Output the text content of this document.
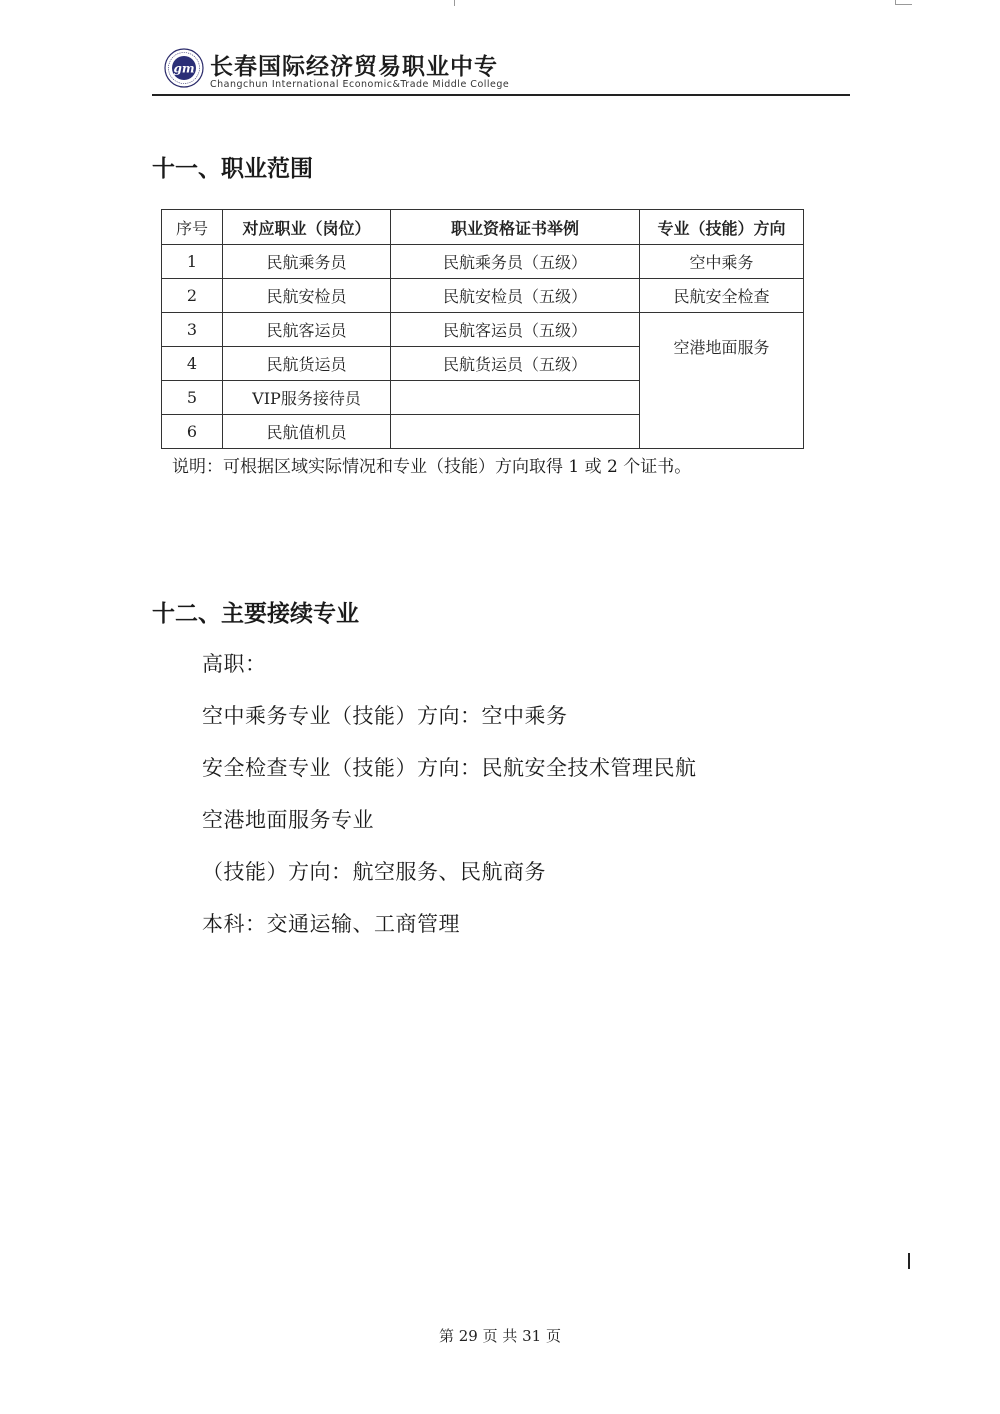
gm 长春国际经济贸易职业中专
Changchun International Economic&Trade Middle College
十一、职业范围
序号	对应职业（岗位）	职业资格证书举例	专业（技能）方向
1	民航乘务员	民航乘务员（五级）	空中乘务
2	民航安检员	民航安检员（五级）	民航安全检查
3	民航客运员	民航客运员（五级）	空港地面服务
4	民航货运员	民航货运员（五级）	
5	VIP服务接待员		
6	民航值机员		
说明：可根据区域实际情况和专业（技能）方向取得 1 或 2 个证书。
十二、主要接续专业
高职：
空中乘务专业（技能）方向：空中乘务
安全检查专业（技能）方向：民航安全技术管理民航
空港地面服务专业
（技能）方向：航空服务、民航商务
本科：交通运输、工商管理
第 29 页 共 31 页
